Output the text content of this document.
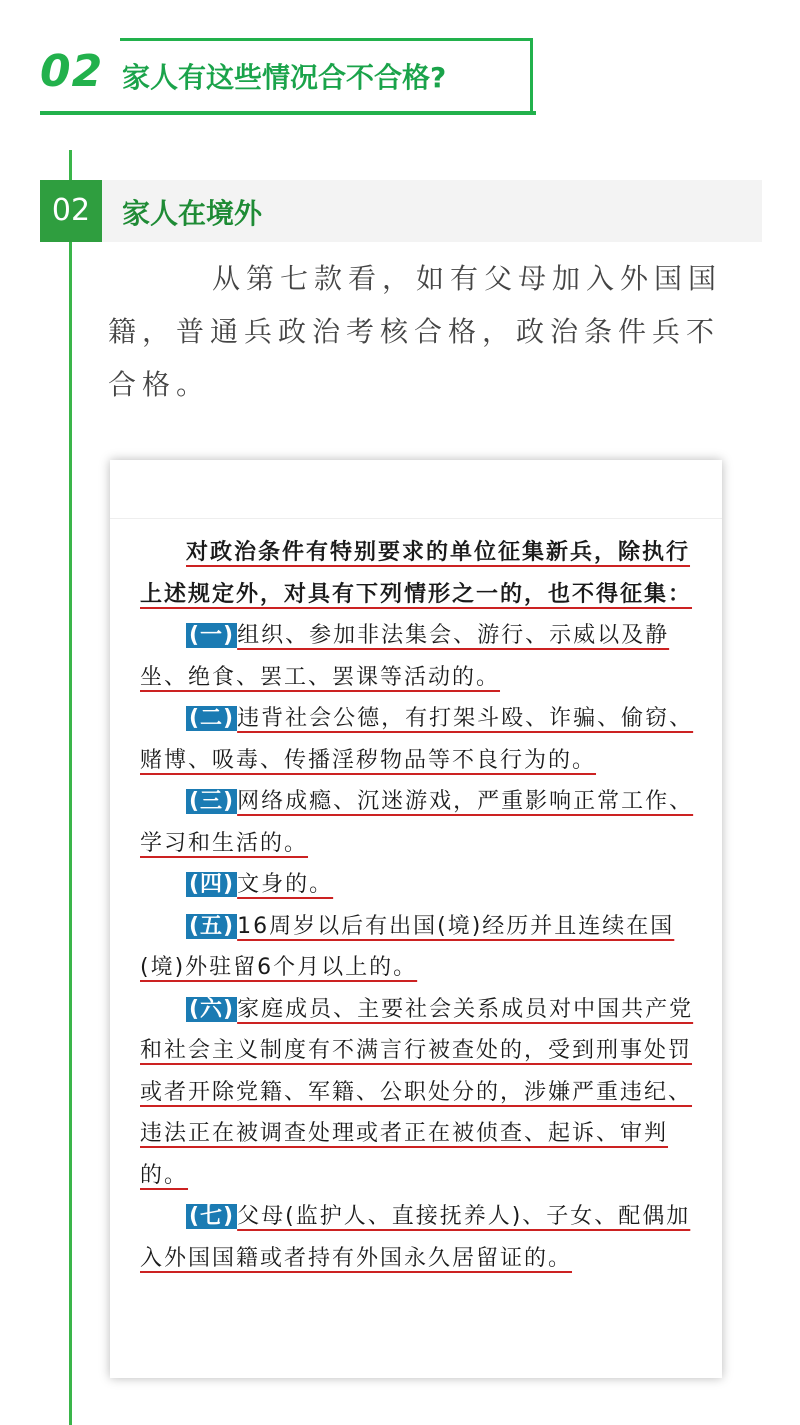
02 家人有这些情况合不合格?
02	家人在境外

从第七款看，如有父母加入外国国籍，普通兵政治考核合格，政治条件兵不合格。

对政治条件有特别要求的单位征集新兵，除执行上述规定外，对具有下列情形之一的，也不得征集：

(一) 组织、参加非法集会、游行、示威以及静坐、绝食、罢工、罢课等活动的。

(二) 违背社会公德，有打架斗殴、诈骗、偷窃、赌博、吸毒、传播淫秽物品等不良行为的。

(三) 网络成瘾、沉迷游戏，严重影响正常工作、学习和生活的。

(四) 文身的。

(五) 16周岁以后有出国(境)经历并且连续在国(境)外驻留6个月以上的。

(六) 家庭成员、主要社会关系成员对中国共产党和社会主义制度有不满言行被查处的，受到刑事处罚或者开除党籍、军籍、公职处分的，涉嫌严重违纪、违法正在被调查处理或者正在被侦查、起诉、审判的。

(七) 父母(监护人、直接抚养人)、子女、配偶加入外国国籍或者持有外国永久居留证的。
